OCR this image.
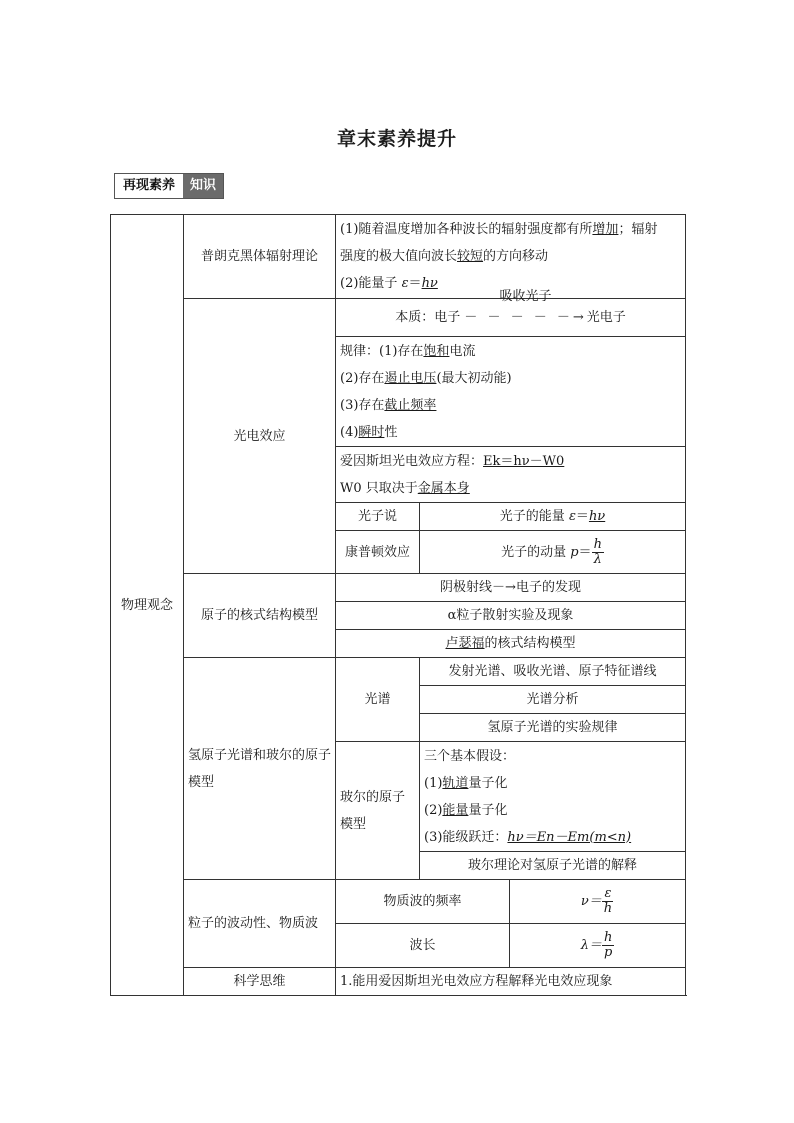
章末素养提升
再现素养	知识
物理观念	普朗克黑体辐射理论	(1)随着温度增加各种波长的辐射强度都有所增加；辐射
强度的极大值向波长较短的方向移动
(2)能量子 ε＝hν		

	光电效应	本质：电子
吸收光子
－ － － － －→光电子		

		规律：(1)存在饱和电流
(2)存在遏止电压(最大初动能)
(3)存在截止频率
(4)瞬时性		

		爱因斯坦光电效应方程：Ek＝hν－W0
W0 只取决于金属本身		

		光子说	光子的能量 ε＝hν	
		康普顿效应	光子的动量 $p= \frac{h}{\lambda}$

	原子的核式结构模型	阴极射线－→电子的发现		
		α粒子散射实验及现象		
		卢瑟福的核式结构模型		
	氢原子光谱和玻尔的原子模型	光谱	发射光谱、吸收光谱、原子特征谱线	
			光谱分析	
			氢原子光谱的实验规律	
		玻尔的原子模型	三个基本假设：
(1)轨道量子化
(2)能量量子化
(3)能级跃迁：hν＝En－Em(m<n)	

			玻尔理论对氢原子光谱的解释	
	粒子的波动性、物质波	物质波的频率		$\nu= \frac{\varepsilon}{h}$

		波长		$\lambda= \frac{h}{p}$

	科学思维	1.能用爱因斯坦光电效应方程解释光电效应现象		
